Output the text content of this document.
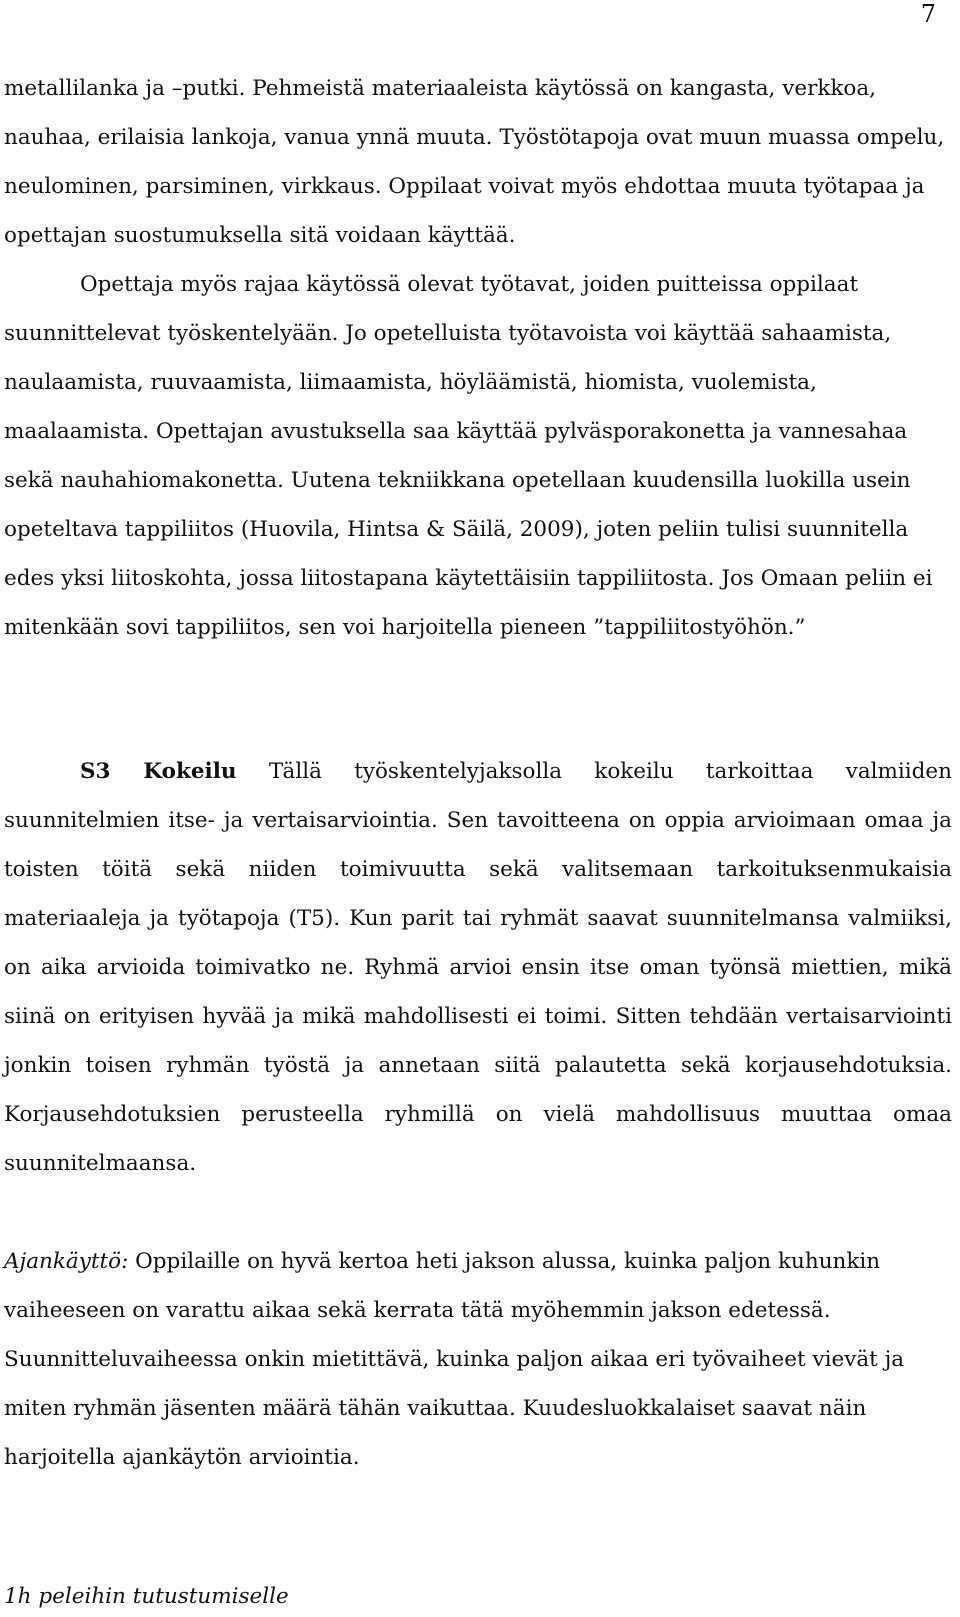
7

metallilanka ja –putki. Pehmeistä materiaaleista käytössä on kangasta, verkkoa, nauhaa, erilaisia lankoja, vanua ynnä muuta. Työstötapoja ovat muun muassa ompelu, neulominen, parsiminen, virkkaus. Oppilaat voivat myös ehdottaa muuta työtapaa ja opettajan suostumuksella sitä voidaan käyttää.

Opettaja myös rajaa käytössä olevat työtavat, joiden puitteissa oppilaat suunnittelevat työskentelyään. Jo opetelluista työtavoista voi käyttää sahaamista, naulaamista, ruuvaamista, liimaamista, höyläämistä, hiomista, vuolemista, maalaamista. Opettajan avustuksella saa käyttää pylväsporakonetta ja vannesahaa sekä nauhahiomakonetta. Uutena tekniikkana opetellaan kuudensilla luokilla usein opeteltava tappiliitos (Huovila, Hintsa & Säilä, 2009), joten peliin tulisi suunnitella edes yksi liitoskohta, jossa liitostapana käytettäisiin tappiliitosta. Jos Omaan peliin ei mitenkään sovi tappiliitos, sen voi harjoitella pieneen ”tappiliitostyöhön.”

S3 Kokeilu Tällä työskentelyjaksolla kokeilu tarkoittaa valmiiden suunnitelmien itse- ja vertaisarviointia. Sen tavoitteena on oppia arvioimaan omaa ja toisten töitä sekä niiden toimivuutta sekä valitsemaan tarkoituksenmukaisia materiaaleja ja työtapoja (T5). Kun parit tai ryhmät saavat suunnitelmansa valmiiksi, on aika arvioida toimivatko ne. Ryhmä arvioi ensin itse oman työnsä miettien, mikä siinä on erityisen hyvää ja mikä mahdollisesti ei toimi. Sitten tehdään vertaisarviointi jonkin toisen ryhmän työstä ja annetaan siitä palautetta sekä korjausehdotuksia. Korjausehdotuksien perusteella ryhmillä on vielä mahdollisuus muuttaa omaa suunnitelmaansa.

Ajankäyttö: Oppilaille on hyvä kertoa heti jakson alussa, kuinka paljon kuhunkin vaiheeseen on varattu aikaa sekä kerrata tätä myöhemmin jakson edetessä. Suunnitteluvaiheessa onkin mietittävä, kuinka paljon aikaa eri työvaiheet vievät ja miten ryhmän jäsenten määrä tähän vaikuttaa. Kuudesluokkalaiset saavat näin harjoitella ajankäytön arviointia.

1h peleihin tutustumiselle
